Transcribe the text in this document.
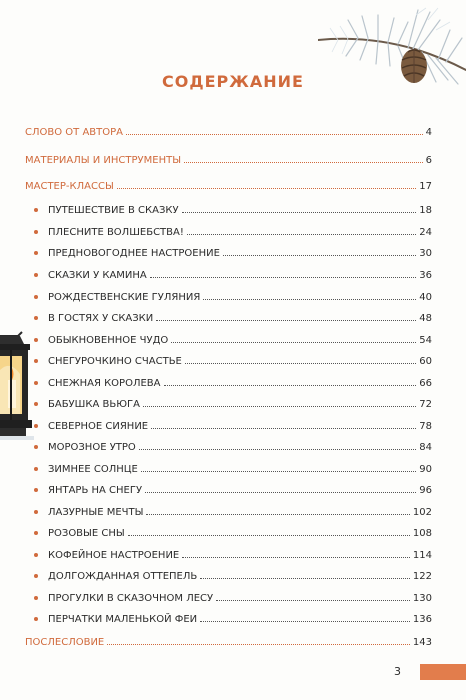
СОДЕРЖАНИЕ
СЛОВО ОТ АВТОРА	4
МАТЕРИАЛЫ И ИНСТРУМЕНТЫ	6
МАСТЕР-КЛАССЫ	17
ПУТЕШЕСТВИЕ В СКАЗКУ	18
ПЛЕСНИТЕ ВОЛШЕБСТВА!	24
ПРЕДНОВОГОДНЕЕ НАСТРОЕНИЕ	30
СКАЗКИ У КАМИНА	36
РОЖДЕСТВЕНСКИЕ ГУЛЯНИЯ	40
В ГОСТЯХ У СКАЗКИ	48
ОБЫКНОВЕННОЕ ЧУДО	54
СНЕГУРОЧКИНО СЧАСТЬЕ	60
СНЕЖНАЯ КОРОЛЕВА	66
БАБУШКА ВЬЮГА	72
СЕВЕРНОЕ СИЯНИЕ	78
МОРОЗНОЕ УТРО	84
ЗИМНЕЕ СОЛНЦЕ	90
ЯНТАРЬ НА СНЕГУ	96
ЛАЗУРНЫЕ МЕЧТЫ	102
РОЗОВЫЕ СНЫ	108
КОФЕЙНОЕ НАСТРОЕНИЕ	114
ДОЛГОЖДАННАЯ ОТТЕПЕЛЬ	122
ПРОГУЛКИ В СКАЗОЧНОМ ЛЕСУ	130
ПЕРЧАТКИ МАЛЕНЬКОЙ ФЕИ	136
ПОСЛЕСЛОВИЕ	143
3
